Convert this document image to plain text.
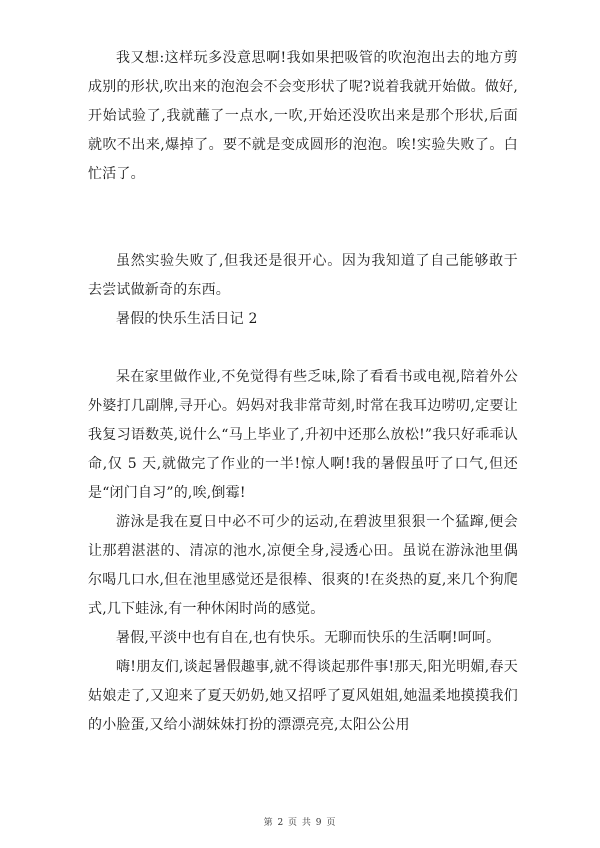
我又想:这样玩多没意思啊!我如果把吸管的吹泡泡出去的地方剪成别的形状,吹出来的泡泡会不会变形状了呢?说着我就开始做。做好,开始试验了,我就蘸了一点水,一吹,开始还没吹出来是那个形状,后面就吹不出来,爆掉了。要不就是变成圆形的泡泡。唉!实验失败了。白忙活了。

虽然实验失败了,但我还是很开心。因为我知道了自己能够敢于去尝试做新奇的东西。

暑假的快乐生活日记 2

呆在家里做作业,不免觉得有些乏味,除了看看书或电视,陪着外公外婆打几副牌,寻开心。妈妈对我非常苛刻,时常在我耳边唠叨,定要让我复习语数英,说什么“马上毕业了,升初中还那么放松!”我只好乖乖认命,仅 5 天,就做完了作业的一半!惊人啊!我的暑假虽吁了口气,但还是“闭门自习”的,唉,倒霉!

游泳是我在夏日中必不可少的运动,在碧波里狠狠一个猛蹿,便会让那碧湛湛的、清凉的池水,凉便全身,浸透心田。虽说在游泳池里偶尔喝几口水,但在池里感觉还是很棒、很爽的!在炎热的夏,来几个狗爬式,几下蛙泳,有一种休闲时尚的感觉。

暑假,平淡中也有自在,也有快乐。无聊而快乐的生活啊!呵呵。

嗨!朋友们,谈起暑假趣事,就不得谈起那件事!那天,阳光明媚,春天姑娘走了,又迎来了夏天奶奶,她又招呼了夏风姐姐,她温柔地摸摸我们的小脸蛋,又给小湖妹妹打扮的漂漂亮亮,太阳公公用

第 2 页 共 9 页
